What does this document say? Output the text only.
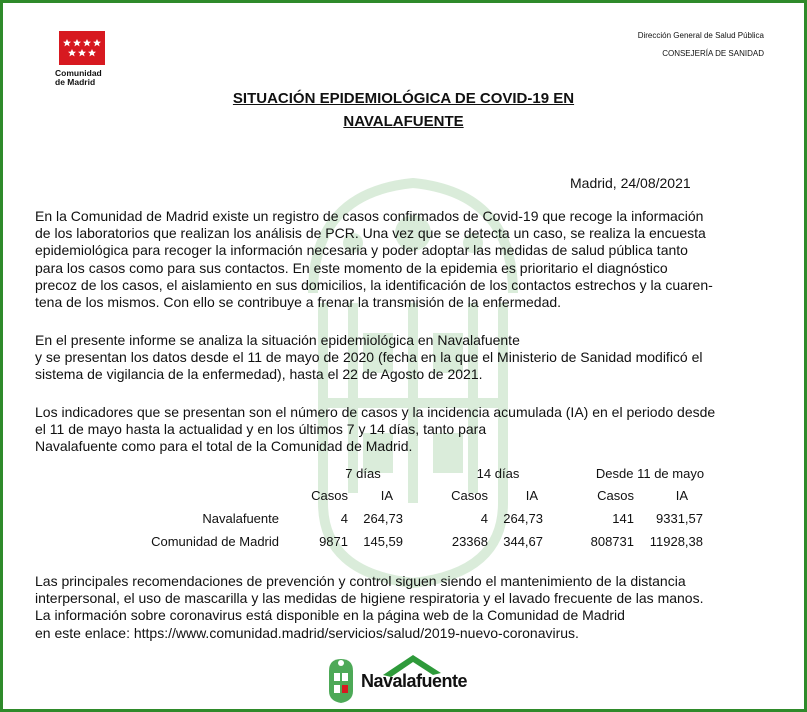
Comunidad de Madrid
Dirección General de Salud Pública
CONSEJERÍA DE SANIDAD
SITUACIÓN EPIDEMIOLÓGICA DE COVID-19 EN
NAVALAFUENTE
Madrid, 24/08/2021
En la Comunidad de Madrid existe un registro de casos confirmados de Covid-19 que recoge la información
de los laboratorios que realizan los análisis de PCR. Una vez que se detecta un caso, se realiza la encuesta
epidemiológica para recoger la información necesaria y poder adoptar las medidas de salud pública tanto
para los casos como para sus contactos. En este momento de la epidemia es prioritario el diagnóstico
precoz de los casos, el aislamiento en sus domicilios, la identificación de los contactos estrechos y la cuaren-
tena de los mismos. Con ello se contribuye a frenar la transmisión de la enfermedad.
En el presente informe se analiza la situación epidemiológica en Navalafuente
y se presentan los datos desde el 11 de mayo de 2020 (fecha en la que el Ministerio de Sanidad modificó el
sistema de vigilancia de la enfermedad), hasta el 22 de Agosto de 2021.
Los indicadores que se presentan son el número de casos y la incidencia acumulada (IA) en el periodo desde
el 11 de mayo hasta la actualidad y en los últimos 7 y 14 días, tanto para
Navalafuente como para el total de la Comunidad de Madrid.
7 días	14 días	Desde 11 de mayo
Casos	IA	Casos	IA	Casos	IA
Navalafuente	4	264,73	4	264,73	141	9331,57
Comunidad de Madrid	9871	145,59	23368	344,67	808731	11928,38
Las principales recomendaciones de prevención y control siguen siendo el mantenimiento de la distancia
interpersonal, el uso de mascarilla y las medidas de higiene respiratoria y el lavado frecuente de las manos.
La información sobre coronavirus está disponible en la página web de la Comunidad de Madrid
en este enlace: https://www.comunidad.madrid/servicios/salud/2019-nuevo-coronavirus.
Navalafuente
